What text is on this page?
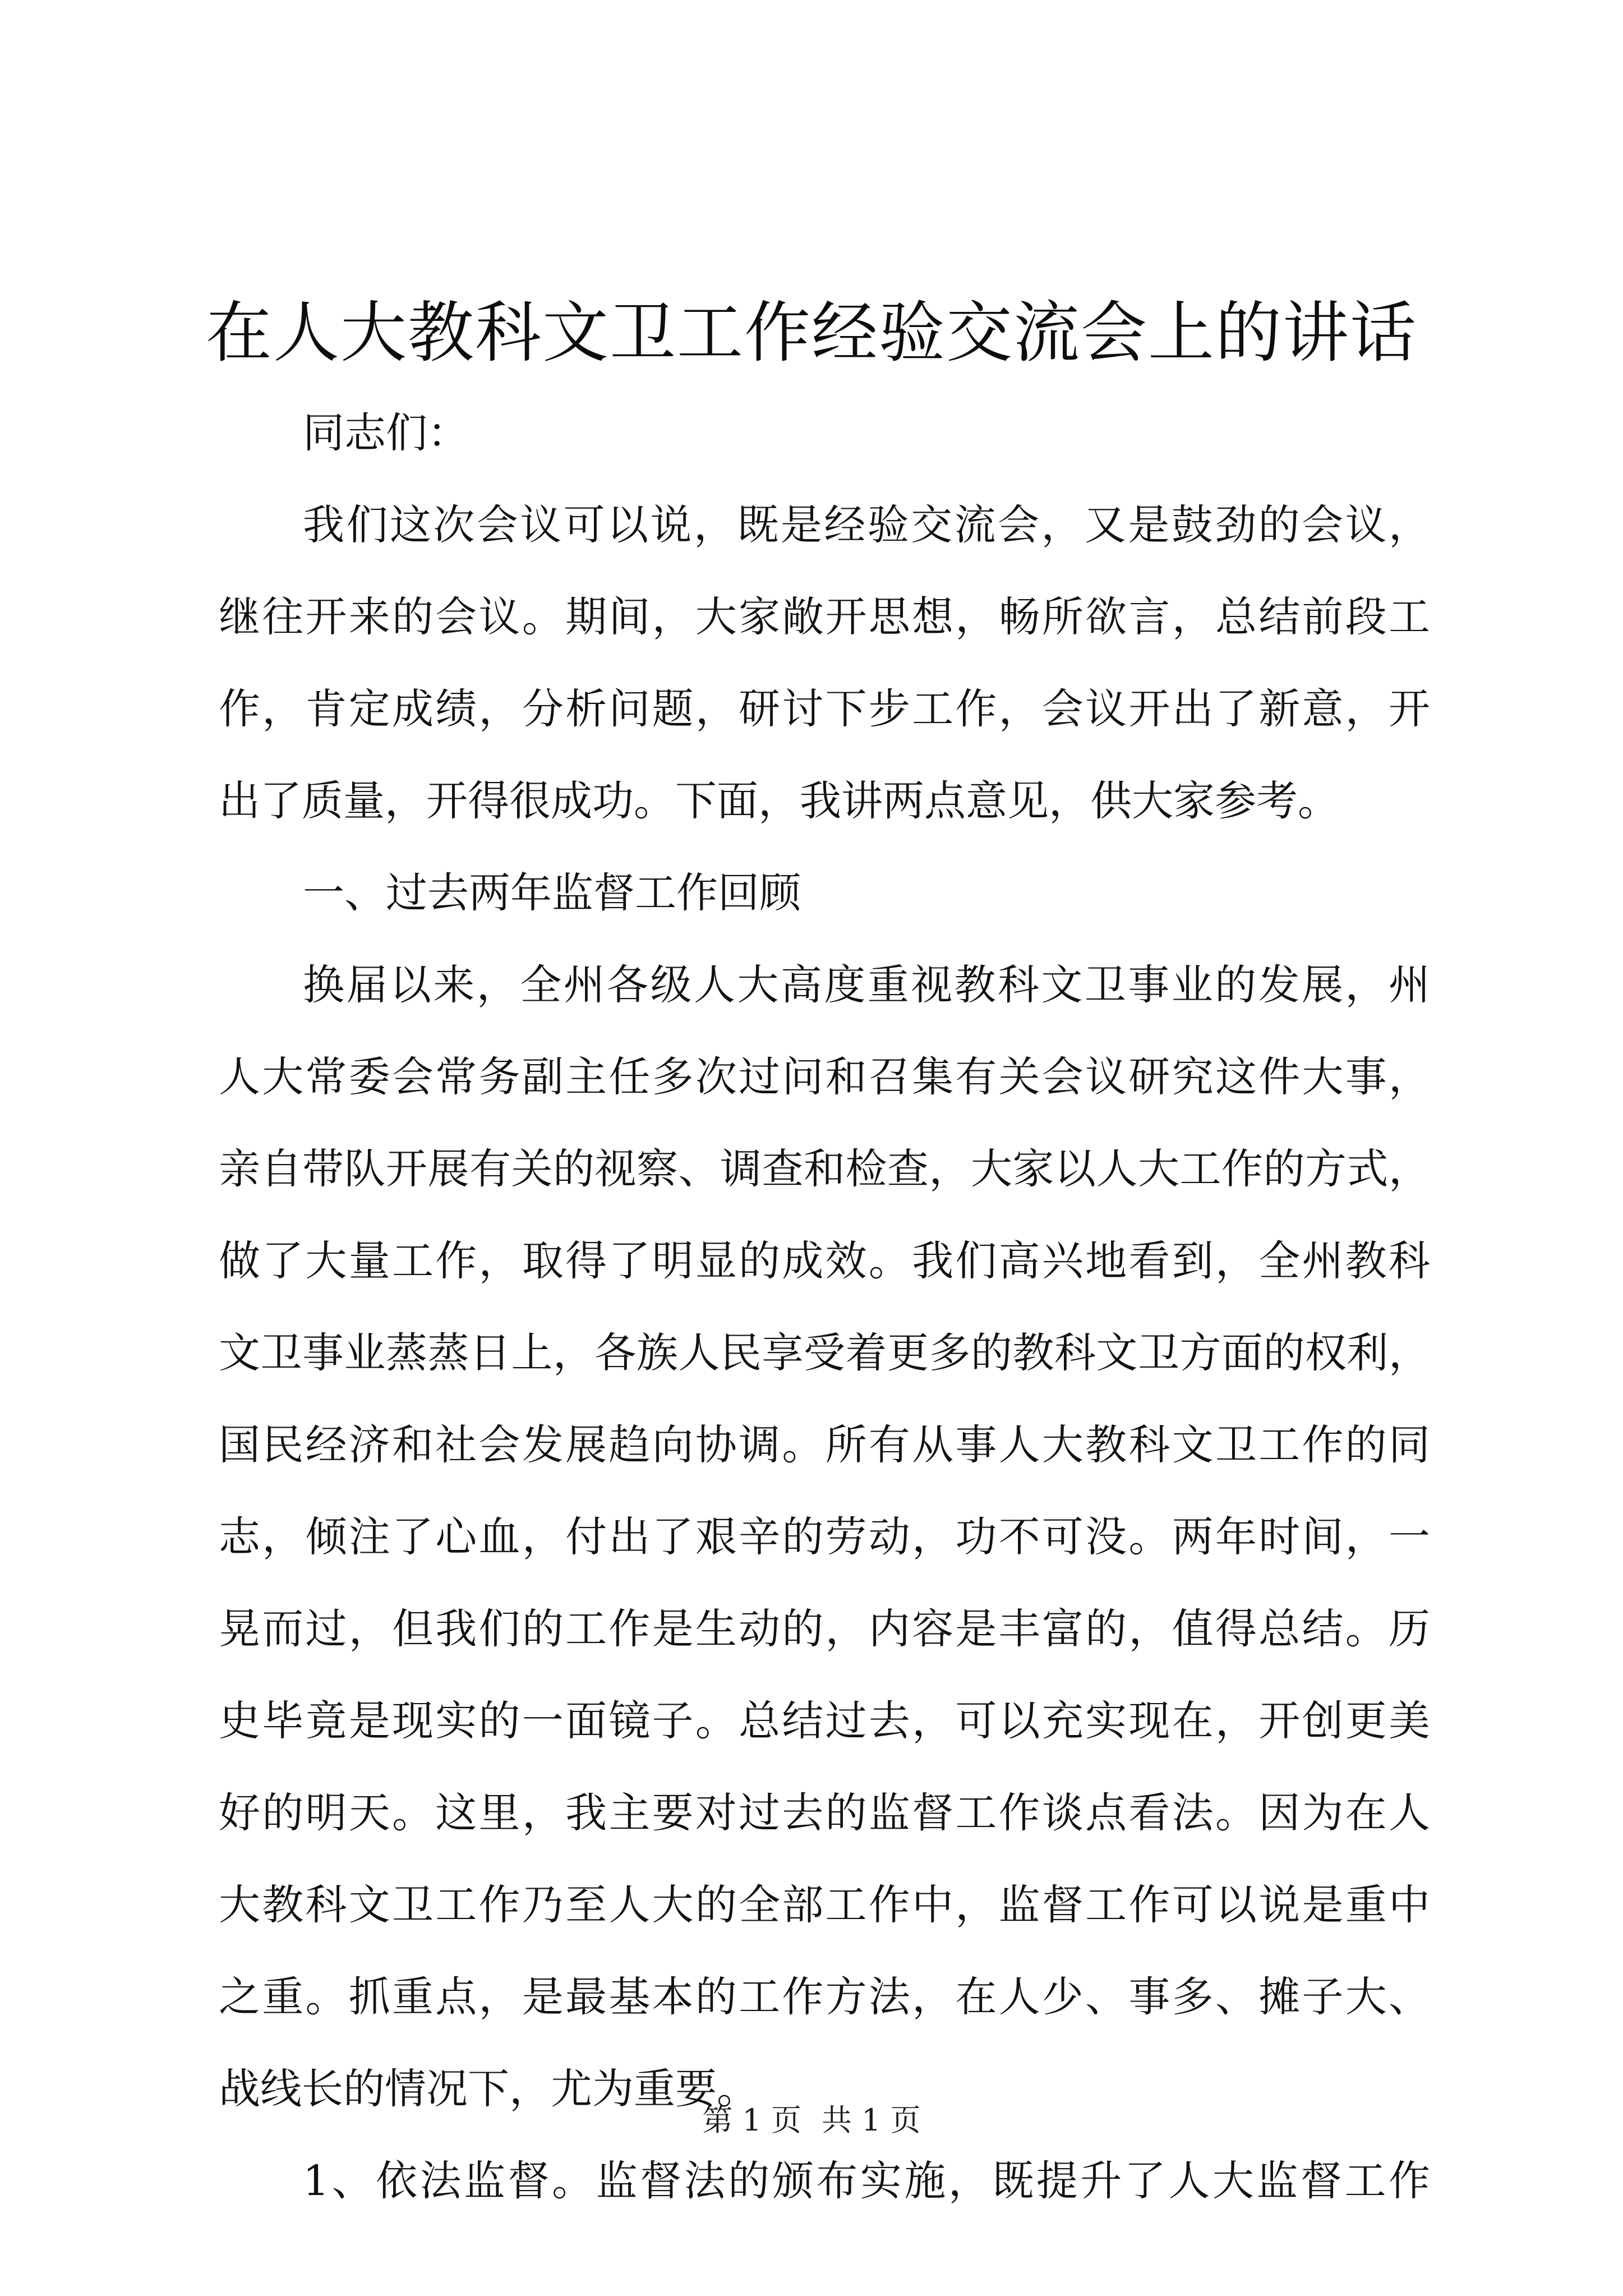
在人大教科文卫工作经验交流会上的讲话
同志们：
我们这次会议可以说，既是经验交流会，又是鼓劲的会议，
继往开来的会议。期间，大家敞开思想，畅所欲言，总结前段工
作，肯定成绩，分析问题，研讨下步工作，会议开出了新意，开
出了质量，开得很成功。下面，我讲两点意见，供大家参考。
一、过去两年监督工作回顾
换届以来，全州各级人大高度重视教科文卫事业的发展，州
人大常委会常务副主任多次过问和召集有关会议研究这件大事，
亲自带队开展有关的视察、调查和检查，大家以人大工作的方式，
做了大量工作，取得了明显的成效。我们高兴地看到，全州教科
文卫事业蒸蒸日上，各族人民享受着更多的教科文卫方面的权利，
国民经济和社会发展趋向协调。所有从事人大教科文卫工作的同
志，倾注了心血，付出了艰辛的劳动，功不可没。两年时间，一
晃而过，但我们的工作是生动的，内容是丰富的，值得总结。历
史毕竟是现实的一面镜子。总结过去，可以充实现在，开创更美
好的明天。这里，我主要对过去的监督工作谈点看法。因为在人
大教科文卫工作乃至人大的全部工作中，监督工作可以说是重中
之重。抓重点，是最基本的工作方法，在人少、事多、摊子大、
战线长的情况下，尤为重要。
1、依法监督。监督法的颁布实施，既提升了人大监督工作
第 1 页 共 1 页
